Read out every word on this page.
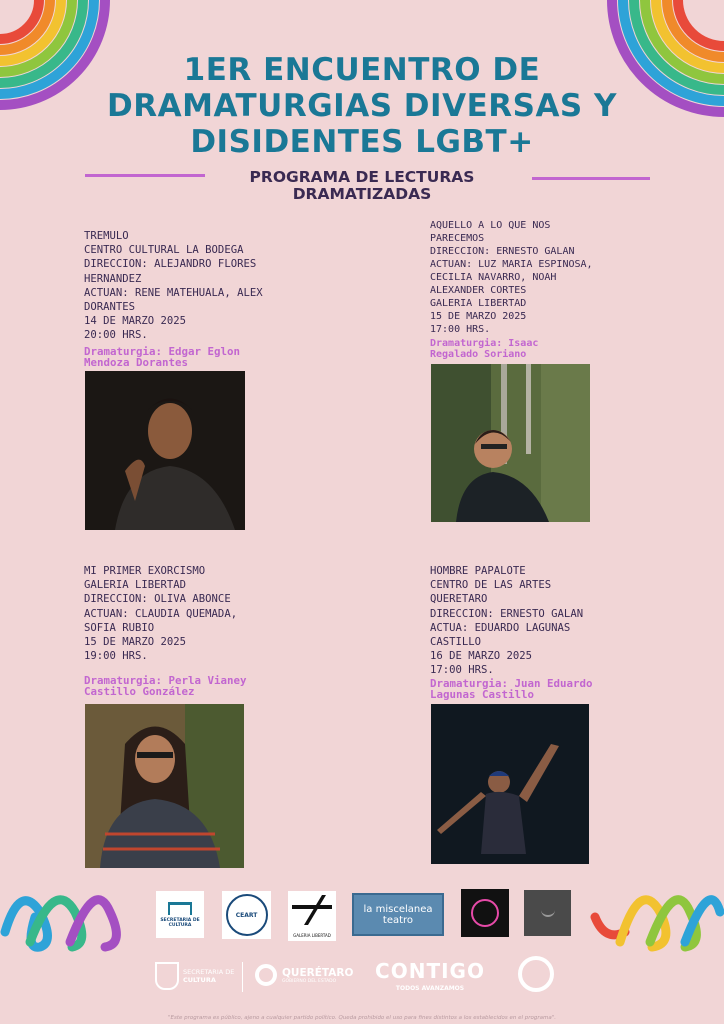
1ER ENCUENTRO DE
DRAMATURGIAS DIVERSAS Y
DISIDENTES LGBT+
PROGRAMA DE LECTURAS
DRAMATIZADAS
TREMULO
CENTRO CULTURAL LA BODEGA
DIRECCION: ALEJANDRO FLORES
HERNANDEZ
ACTUAN: RENE MATEHUALA, ALEX
DORANTES
14 DE MARZO 2025
20:00 HRS.
Dramaturgia: Edgar Eglon
Mendoza Dorantes
AQUELLO A LO QUE NOS
PARECEMOS
DIRECCION: ERNESTO GALAN
ACTUAN: LUZ MARIA ESPINOSA,
CECILIA NAVARRO, NOAH
ALEXANDER CORTES
GALERIA LIBERTAD
15 DE MARZO 2025
17:00 HRS.
Dramaturgia: Isaac
Regalado Soriano
MI PRIMER EXORCISMO
GALERIA LIBERTAD
DIRECCION: OLIVA ABONCE
ACTUAN: CLAUDIA QUEMADA,
SOFIA RUBIO
15 DE MARZO 2025
19:00 HRS.
Dramaturgia: Perla Vianey
Castillo González
HOMBRE PAPALOTE
CENTRO DE LAS ARTES
QUERETARO
DIRECCION: ERNESTO GALAN
ACTUA: EDUARDO LAGUNAS
CASTILLO
16 DE MARZO 2025
17:00 HRS.
Dramaturgia: Juan Eduardo
Lagunas Castillo
SECRETARIA DE CULTURA
CEART
GALERIA LIBERTAD
la miscelanea
teatro
SECRETARIA DE
CULTURA
QUERÉTARO
GOBIERNO DEL ESTADO	CONTIGO
TODOS AVANZAMOS
"Este programa es público, ajeno a cualquier partido político. Queda prohibido el uso para fines distintos a los establecidos en el programa".
